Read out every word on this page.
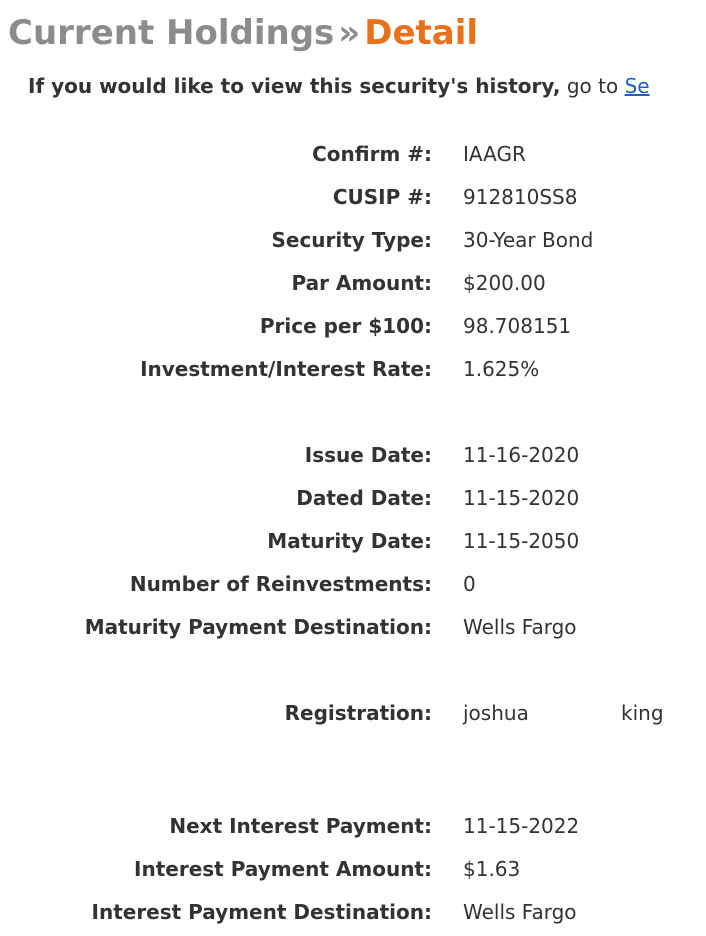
Current Holdings » Detail
If you would like to view this security's history, go to Se
Confirm #: IAAGR
CUSIP #: 912810SS8
Security Type: 30-Year Bond
Par Amount: $200.00
Price per $100: 98.708151
Investment/Interest Rate: 1.625%
Issue Date: 11-16-2020
Dated Date: 11-15-2020
Maturity Date: 11-15-2050
Number of Reinvestments: 0
Maturity Payment Destination: Wells Fargo
Registration: joshua	king
Next Interest Payment: 11-15-2022
Interest Payment Amount: $1.63
Interest Payment Destination: Wells Fargo
